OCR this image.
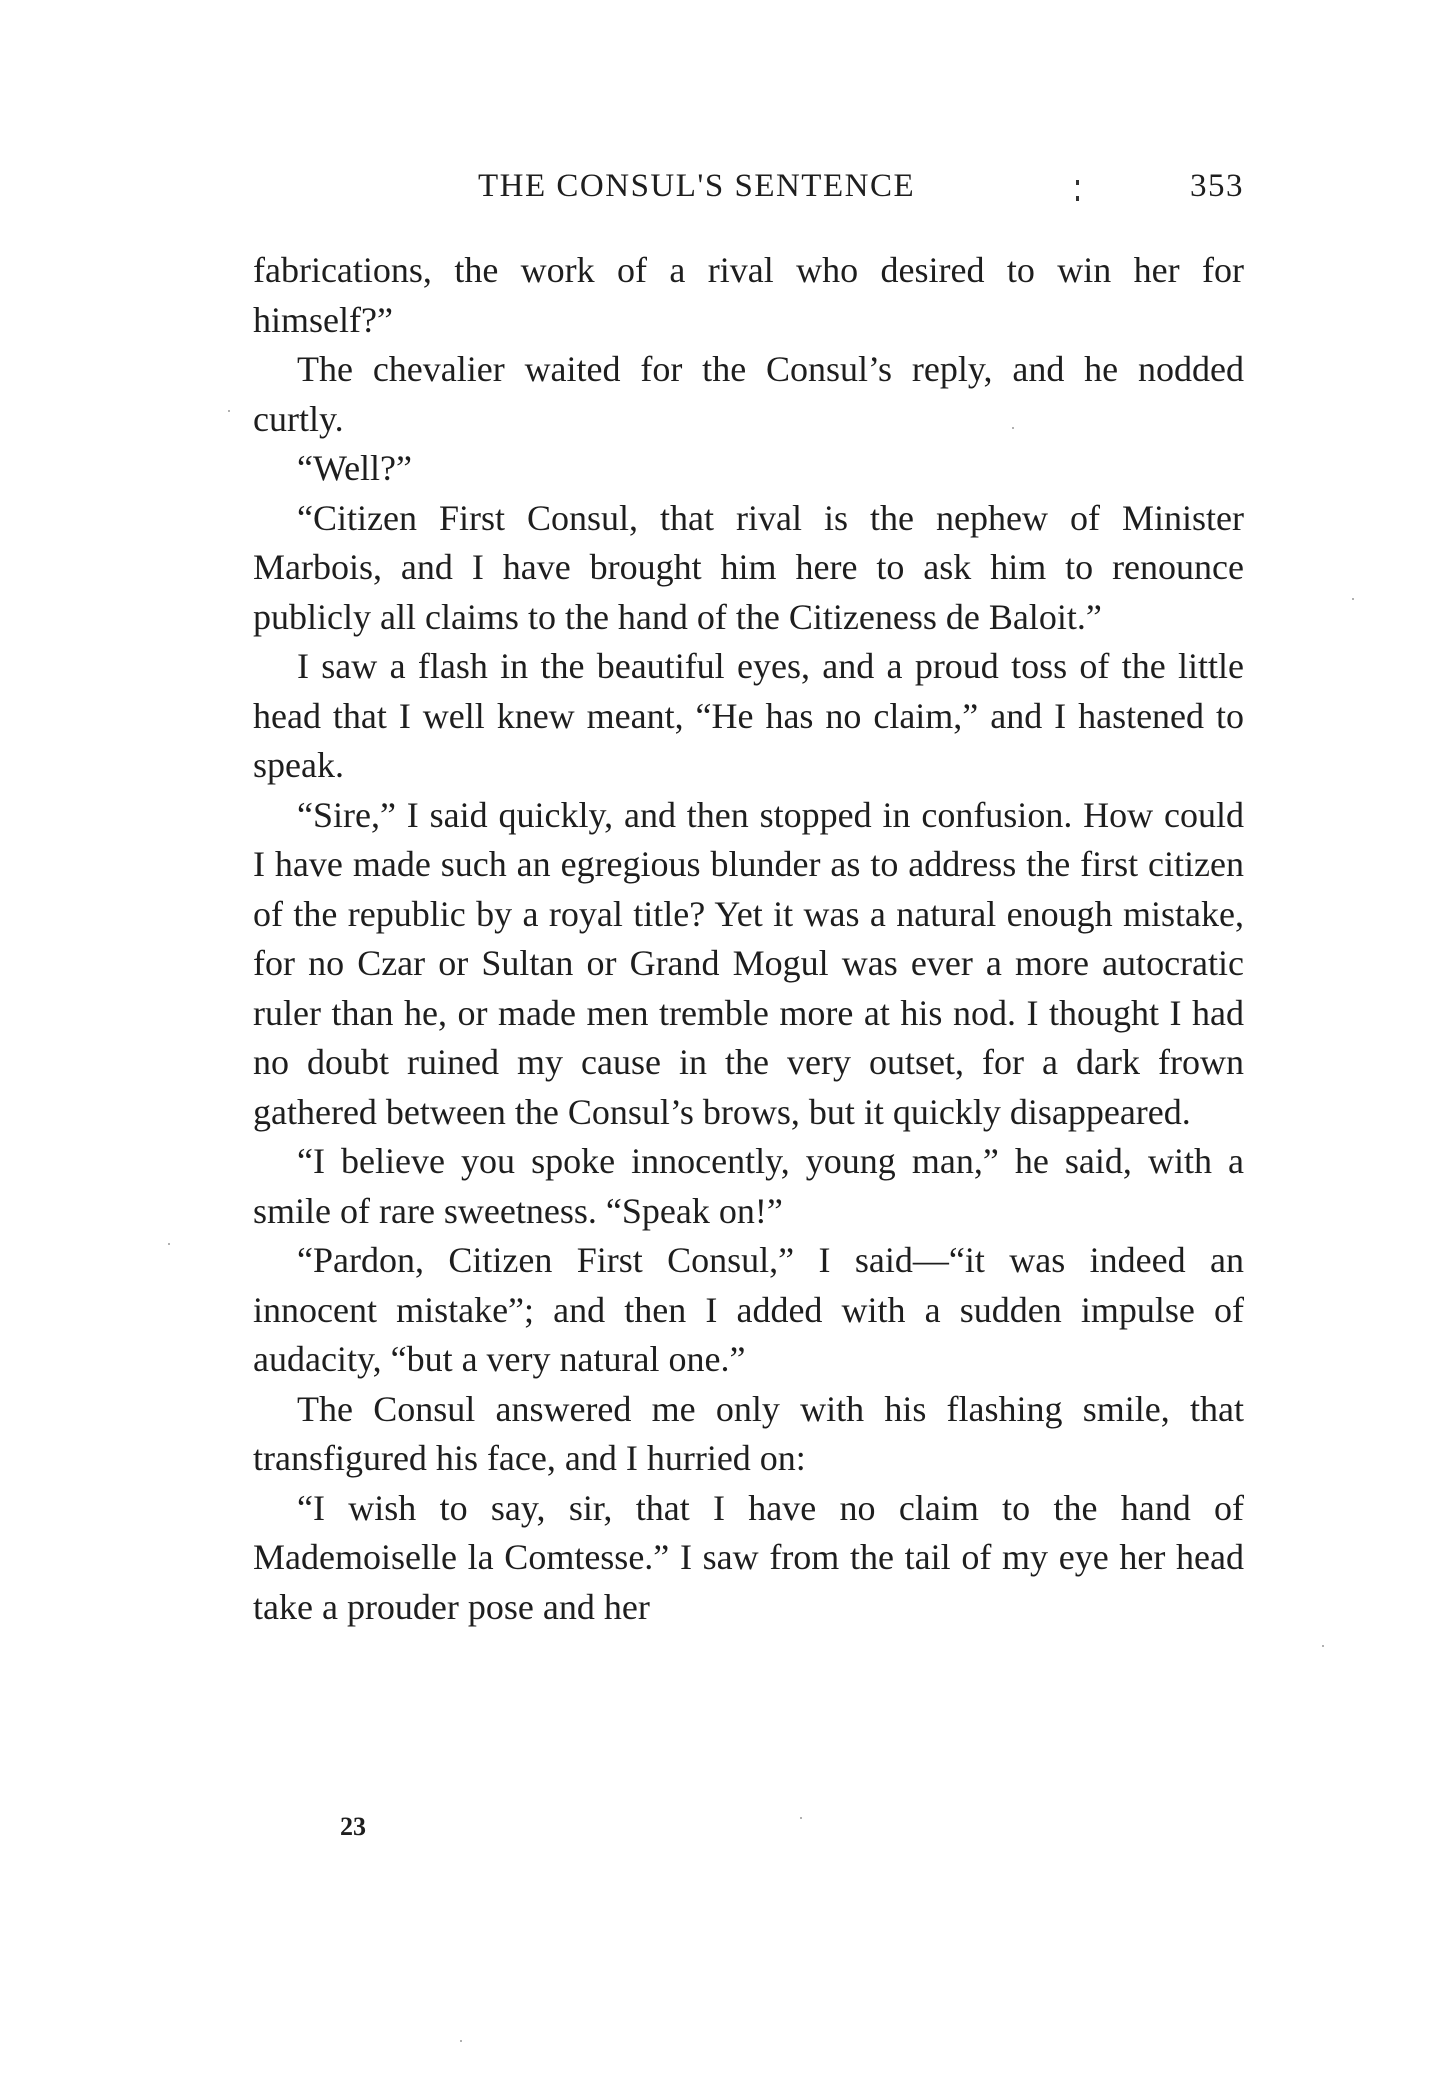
THE CONSUL'S SENTENCE	353

fabrications, the work of a rival who desired to win her for himself?”

The chevalier waited for the Consul’s reply, and he nodded curtly.

“Well?”

“Citizen First Consul, that rival is the nephew of Minister Marbois, and I have brought him here to ask him to renounce publicly all claims to the hand of the Citizeness de Baloit.”

I saw a flash in the beautiful eyes, and a proud toss of the little head that I well knew meant, “He has no claim,” and I hastened to speak.

“Sire,” I said quickly, and then stopped in confusion. How could I have made such an egregious blunder as to address the first citizen of the republic by a royal title? Yet it was a natural enough mistake, for no Czar or Sultan or Grand Mogul was ever a more autocratic ruler than he, or made men tremble more at his nod. I thought I had no doubt ruined my cause in the very outset, for a dark frown gathered between the Consul’s brows, but it quickly disappeared.

“I believe you spoke innocently, young man,” he said, with a smile of rare sweetness. “Speak on!”

“Pardon, Citizen First Consul,” I said—“it was indeed an innocent mistake”; and then I added with a sudden impulse of audacity, “but a very natural one.”

The Consul answered me only with his flashing smile, that transfigured his face, and I hurried on:

“I wish to say, sir, that I have no claim to the hand of Mademoiselle la Comtesse.” I saw from the tail of my eye her head take a prouder pose and her

23
